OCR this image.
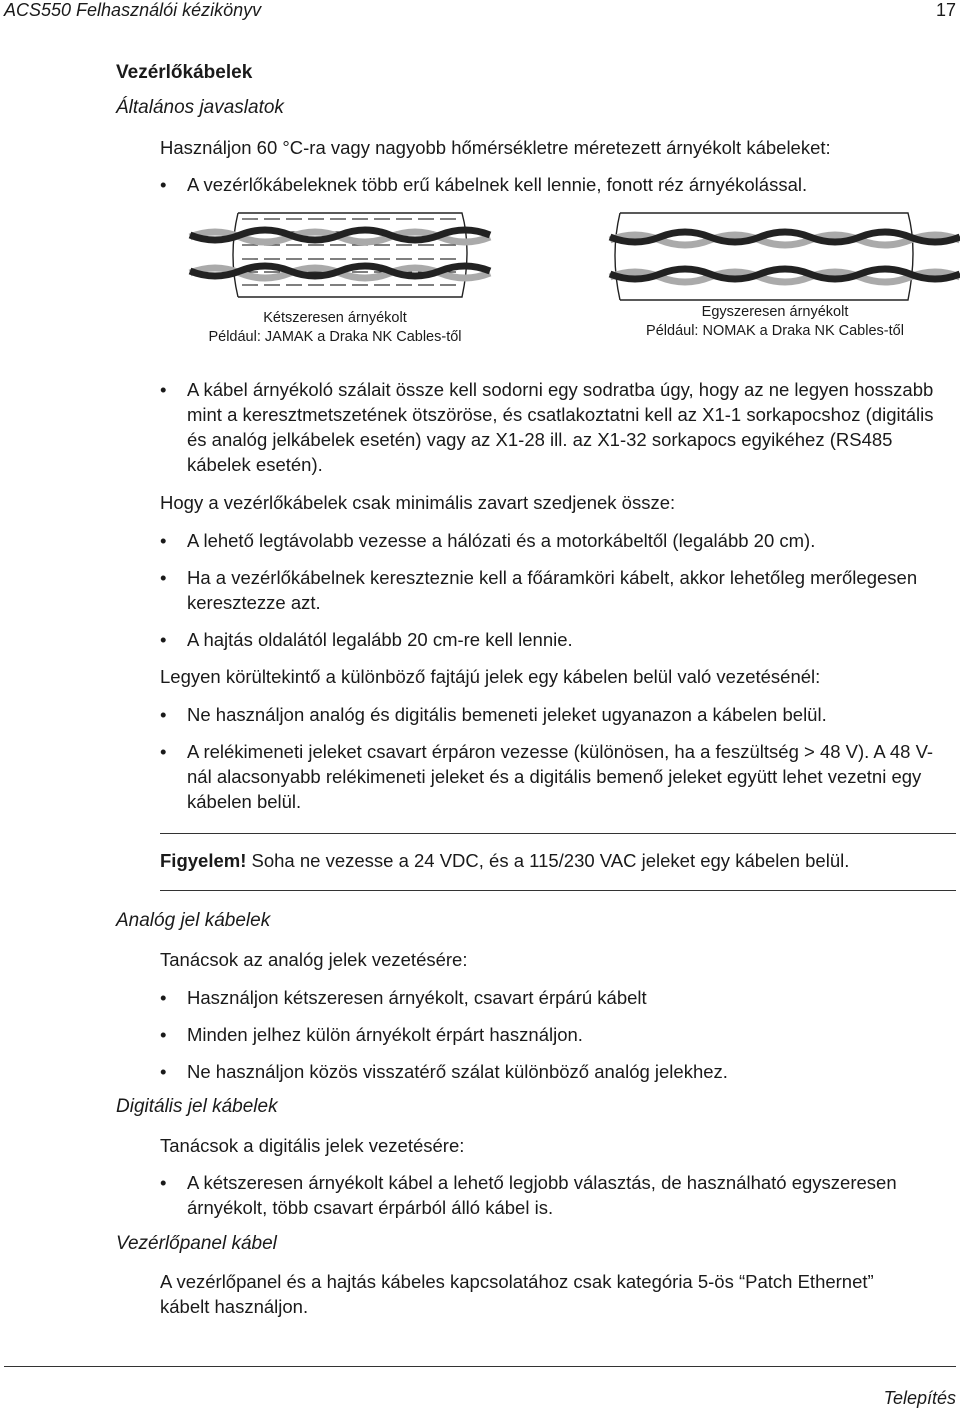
ACS550 Felhasználói kézikönyv	17
Vezérlőkábelek
Általános javaslatok
Használjon 60 °C-ra vagy nagyobb hőmérsékletre méretezett árnyékolt kábeleket:
• A vezérlőkábeleknek több erű kábelnek kell lennie, fonott réz árnyékolással.
Kétszeresen árnyékolt
Például: JAMAK a Draka NK Cables-től
Egyszeresen árnyékolt
Például: NOMAK a Draka NK Cables-től
• A kábel árnyékoló szálait össze kell sodorni egy sodratba úgy, hogy az ne legyen hosszabb mint a keresztmetszetének ötszöröse, és csatlakoztatni kell az X1-1 sorkapocshoz (digitális és analóg jelkábelek esetén) vagy az X1-28 ill. az X1-32 sorkapocs egyikéhez (RS485 kábelek esetén).
Hogy a vezérlőkábelek csak minimális zavart szedjenek össze:
• A lehető legtávolabb vezesse a hálózati és a motorkábeltől (legalább 20 cm).
• Ha a vezérlőkábelnek kereszteznie kell a főáramköri kábelt, akkor lehetőleg merőlegesen keresztezze azt.
• A hajtás oldalától legalább 20 cm-re kell lennie.
Legyen körültekintő a különböző fajtájú jelek egy kábelen belül való vezetésénél:
• Ne használjon analóg és digitális bemeneti jeleket ugyanazon a kábelen belül.
• A relékimeneti jeleket csavart érpáron vezesse (különösen, ha a feszültség > 48 V). A 48 V-nál alacsonyabb relékimeneti jeleket és a digitális bemenő jeleket együtt lehet vezetni egy kábelen belül.
Figyelem! Soha ne vezesse a 24 VDC, és a 115/230 VAC jeleket egy kábelen belül.
Analóg jel kábelek
Tanácsok az analóg jelek vezetésére:
• Használjon kétszeresen árnyékolt, csavart érpárú kábelt
• Minden jelhez külön árnyékolt érpárt használjon.
• Ne használjon közös visszatérő szálat különböző analóg jelekhez.
Digitális jel kábelek
Tanácsok a digitális jelek vezetésére:
• A kétszeresen árnyékolt kábel a lehető legjobb választás, de használható egyszeresen árnyékolt, több csavart érpárból álló kábel is.
Vezérlőpanel kábel
A vezérlőpanel és a hajtás kábeles kapcsolatához csak kategória 5-ös “Patch Ethernet” kábelt használjon.
Telepítés
